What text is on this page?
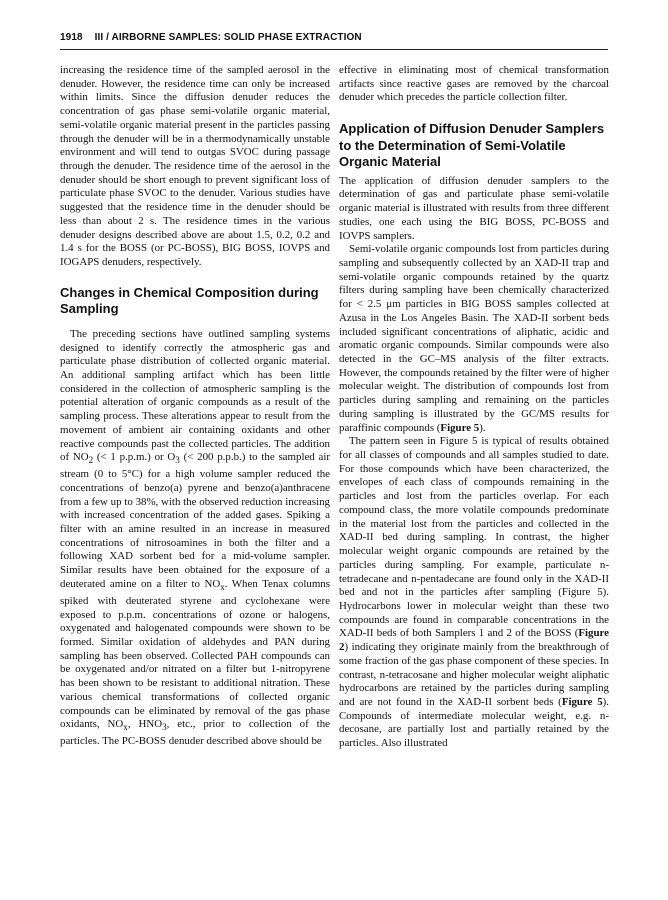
1918 III / AIRBORNE SAMPLES: SOLID PHASE EXTRACTION

increasing the residence time of the sampled aerosol in the denuder. However, the residence time can only be increased within limits. Since the diffusion denuder reduces the concentration of gas phase semi-volatile organic material, semi-volatile organic material present in the particles passing through the denuder will be in a thermodynamically unstable environment and will tend to outgas SVOC during passage through the denuder. The residence time of the aerosol in the denuder should be short enough to prevent significant loss of particulate phase SVOC to the denuder. Various studies have suggested that the residence time in the denuder should be less than about 2 s. The residence times in the various denuder designs described above are about 1.5, 0.2, 0.2 and 1.4 s for the BOSS (or PC-BOSS), BIG BOSS, IOVPS and IOGAPS denuders, respectively.

Changes in Chemical Composition during Sampling

The preceding sections have outlined sampling systems designed to identify correctly the atmospheric gas and particulate phase distribution of collected organic material. An additional sampling artifact which has been little considered in the collection of atmospheric sampling is the potential alteration of organic compounds as a result of the sampling process. These alterations appear to result from the movement of ambient air containing oxidants and other reactive compounds past the collected particles. The addition of $NO_2$ (< 1 p.p.m.) or $O_3$ (< 200 p.p.b.) to the sampled air stream (0 to 5°C) for a high volume sampler reduced the concentrations of benzo(a) pyrene and benzo(a)anthracene from a few up to 38%, with the observed reduction increasing with increased concentration of the added gases. Spiking a filter with an amine resulted in an increase in measured concentrations of nitrosoamines in both the filter and a following XAD sorbent bed for a mid-volume sampler. Similar results have been obtained for the exposure of a deuterated amine on a filter to $NO_x$. When Tenax columns spiked with deuterated styrene and cyclohexane were exposed to p.p.m. concentrations of ozone or halogens, oxygenated and halogenated compounds were shown to be formed. Similar oxidation of aldehydes and PAN during sampling has been observed. Collected PAH compounds can be oxygenated and/or nitrated on a filter but 1-nitropyrene has been shown to be resistant to additional nitration. These various chemical transformations of collected organic compounds can be eliminated by removal of the gas phase oxidants, $NO_x$, $HNO_3$, etc., prior to collection of the particles. The PC-BOSS denuder described above should be

effective in eliminating most of chemical transformation artifacts since reactive gases are removed by the charcoal denuder which precedes the particle collection filter.

Application of Diffusion Denuder Samplers to the Determination of Semi-Volatile Organic Material

The application of diffusion denuder samplers to the determination of gas and particulate phase semi-volatile organic material is illustrated with results from three different studies, one each using the BIG BOSS, PC-BOSS and IOVPS samplers.

Semi-volatile organic compounds lost from particles during sampling and subsequently collected by an XAD-II trap and semi-volatile organic compounds retained by the quartz filters during sampling have been chemically characterized for < 2.5 μm particles in BIG BOSS samples collected at Azusa in the Los Angeles Basin. The XAD-II sorbent beds included significant concentrations of aliphatic, acidic and aromatic organic compounds. Similar compounds were also detected in the GC–MS analysis of the filter extracts. However, the compounds retained by the filter were of higher molecular weight. The distribution of compounds lost from particles during sampling and remaining on the particles during sampling is illustrated by the GC/MS results for paraffinic compounds (Figure 5).

The pattern seen in Figure 5 is typical of results obtained for all classes of compounds and all samples studied to date. For those compounds which have been characterized, the envelopes of each class of compounds remaining in the particles and lost from the particles overlap. For each compound class, the more volatile compounds predominate in the material lost from the particles and collected in the XAD-II bed during sampling. In contrast, the higher molecular weight organic compounds are retained by the particles during sampling. For example, particulate n-tetradecane and n-pentadecane are found only in the XAD-II bed and not in the particles after sampling (Figure 5). Hydrocarbons lower in molecular weight than these two compounds are found in comparable concentrations in the XAD-II beds of both Samplers 1 and 2 of the BOSS (Figure 2) indicating they originate mainly from the breakthrough of some fraction of the gas phase component of these species. In contrast, n-tetracosane and higher molecular weight aliphatic hydrocarbons are retained by the particles during sampling and are not found in the XAD-II sorbent beds (Figure 5). Compounds of intermediate molecular weight, e.g. n-decosane, are partially lost and partially retained by the particles. Also illustrated
